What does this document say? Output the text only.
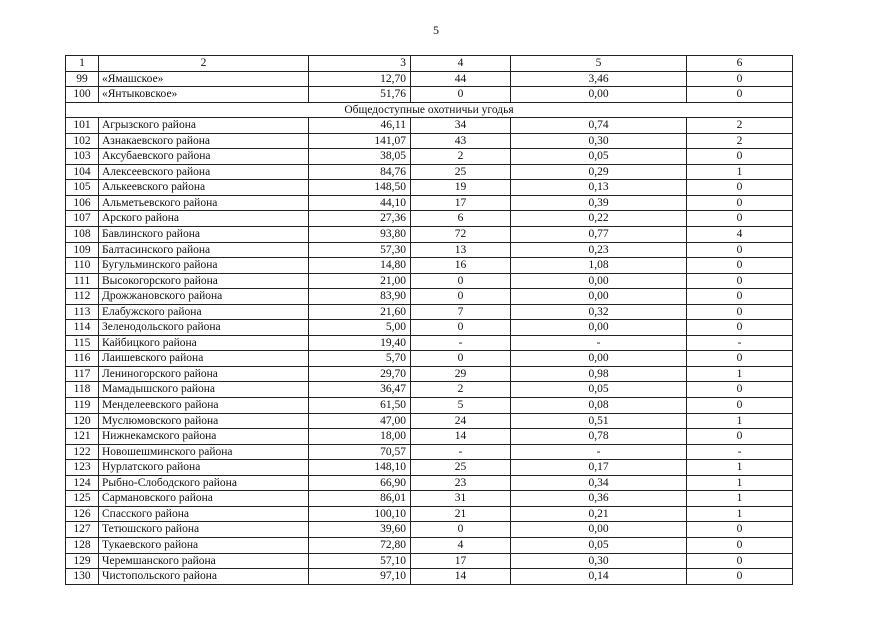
5
1	2	3	4	5	6
99	«Ямашское»	12,70	44	3,46	0
100	«Янтыковское»	51,76	0	0,00	0
Общедоступные охотничьи угодья					
101	Агрызского района	46,11	34	0,74	2
102	Азнакаевского района	141,07	43	0,30	2
103	Аксубаевского района	38,05	2	0,05	0
104	Алексеевского района	84,76	25	0,29	1
105	Алькеевского района	148,50	19	0,13	0
106	Альметьевского района	44,10	17	0,39	0
107	Арского района	27,36	6	0,22	0
108	Бавлинского района	93,80	72	0,77	4
109	Балтасинского района	57,30	13	0,23	0
110	Бугульминского района	14,80	16	1,08	0
111	Высокогорского района	21,00	0	0,00	0
112	Дрожжановского района	83,90	0	0,00	0
113	Елабужского района	21,60	7	0,32	0
114	Зеленодольского района	5,00	0	0,00	0
115	Кайбицкого района	19,40	-	-	-
116	Лаишевского района	5,70	0	0,00	0
117	Лениногорского района	29,70	29	0,98	1
118	Мамадышского района	36,47	2	0,05	0
119	Менделеевского района	61,50	5	0,08	0
120	Муслюмовского района	47,00	24	0,51	1
121	Нижнекамского района	18,00	14	0,78	0
122	Новошешминского района	70,57	-	-	-
123	Нурлатского района	148,10	25	0,17	1
124	Рыбно-Слободского района	66,90	23	0,34	1
125	Сармановского района	86,01	31	0,36	1
126	Спасского района	100,10	21	0,21	1
127	Тетюшского района	39,60	0	0,00	0
128	Тукаевского района	72,80	4	0,05	0
129	Черемшанского района	57,10	17	0,30	0
130	Чистопольского района	97,10	14	0,14	0
